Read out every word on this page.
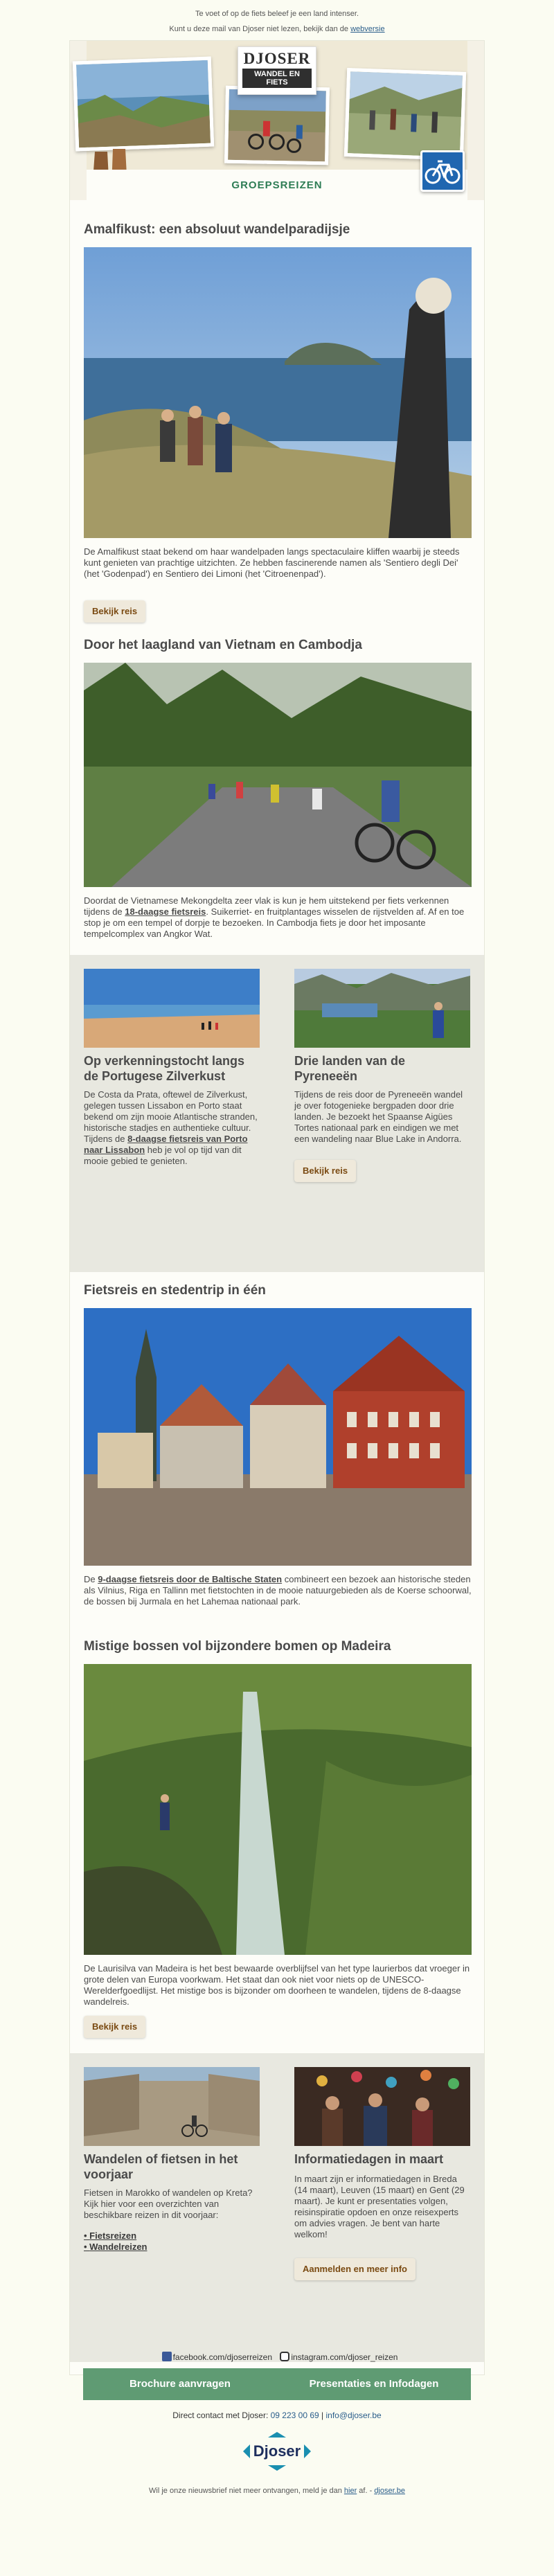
Te voet of op de fiets beleef je een land intenser.
Kunt u deze mail van Djoser niet lezen, bekijk dan de webversie
DJOSER
WANDEL EN FIETS
GROEPSREIZEN
Amalfikust: een absoluut wandelparadijsje
De Amalfikust staat bekend om haar wandelpaden langs spectaculaire kliffen waarbij je steeds kunt genieten van prachtige uitzichten. Ze hebben fascinerende namen als 'Sentiero degli Dei' (het 'Godenpad') en Sentiero dei Limoni (het 'Citroenenpad').
Bekijk reis
Door het laagland van Vietnam en Cambodja
Doordat de Vietnamese Mekongdelta zeer vlak is kun je hem uitstekend per fiets verkennen tijdens de 18-daagse fietsreis. Suikerriet- en fruitplantages wisselen de rijstvelden af. Af en toe stop je om een tempel of dorpje te bezoeken. In Cambodja fiets je door het imposante tempelcomplex van Angkor Wat.
Op verkenningstocht langs de Portugese Zilverkust
De Costa da Prata, oftewel de Zilverkust, gelegen tussen Lissabon en Porto staat bekend om zijn mooie Atlantische stranden, historische stadjes en authentieke cultuur. Tijdens de 8-daagse fietsreis van Porto naar Lissabon heb je vol op tijd van dit mooie gebied te genieten.
Drie landen van de Pyreneeën
Tijdens de reis door de Pyreneeën wandel je over fotogenieke bergpaden door drie landen. Je bezoekt het Spaanse Aigües Tortes nationaal park en eindigen we met een wandeling naar Blue Lake in Andorra.
Bekijk reis
Fietsreis en stedentrip in één
De 9-daagse fietsreis door de Baltische Staten combineert een bezoek aan historische steden als Vilnius, Riga en Tallinn met fietstochten in de mooie natuurgebieden als de Koerse schoorwal, de bossen bij Jurmala en het Lahemaa nationaal park.
Mistige bossen vol bijzondere bomen op Madeira
De Laurisilva van Madeira is het best bewaarde overblijfsel van het type laurierbos dat vroeger in grote delen van Europa voorkwam. Het staat dan ook niet voor niets op de UNESCO-Werelderfgoedlijst. Het mistige bos is bijzonder om doorheen te wandelen, tijdens de 8-daagse wandelreis.
Bekijk reis
Wandelen of fietsen in het voorjaar
Fietsen in Marokko of wandelen op Kreta? Kijk hier voor een overzichten van beschikbare reizen in dit voorjaar:
• Fietsreizen
• Wandelreizen
Informatiedagen in maart
In maart zijn er informatiedagen in Breda (14 maart), Leuven (15 maart) en Gent (29 maart). Je kunt er presentaties volgen, reisinspiratie opdoen en onze reisexperts om advies vragen. Je bent van harte welkom!
Aanmelden en meer info
facebook.com/djoserreizen instagram.com/djoser_reizen
Brochure aanvragen	Presentaties en Infodagen
Direct contact met Djoser: 09 223 00 69 | info@djoser.be
Djoser
Wil je onze nieuwsbrief niet meer ontvangen, meld je dan hier af. - djoser.be
